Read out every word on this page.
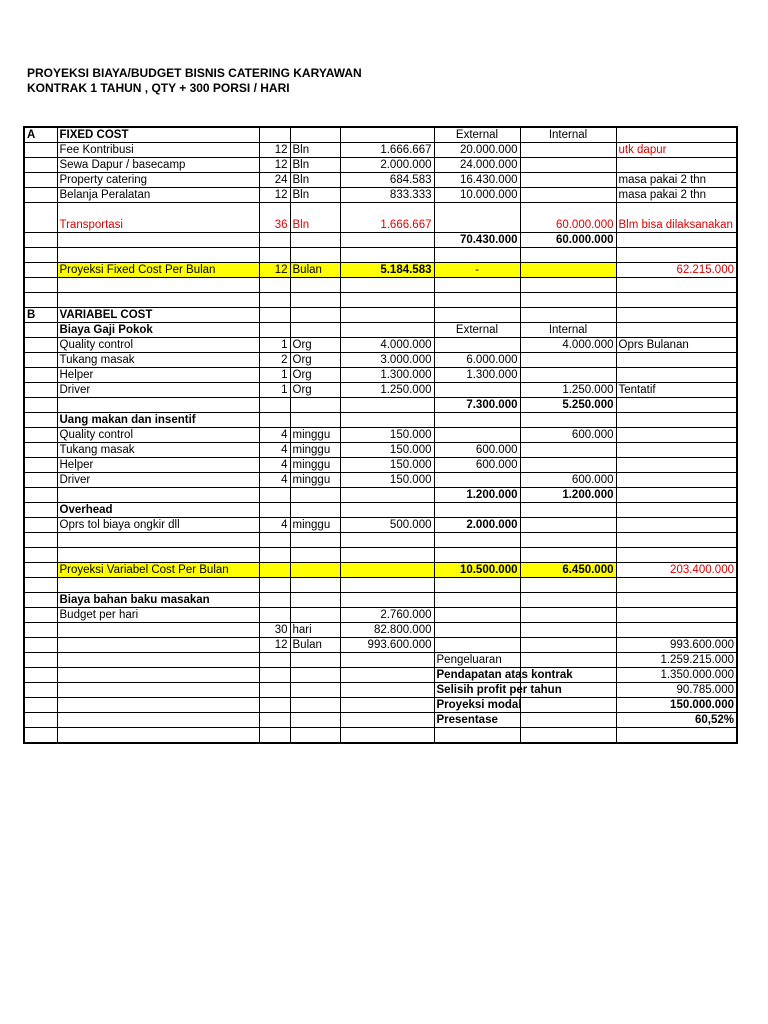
PROYEKSI BIAYA/BUDGET BISNIS CATERING KARYAWAN
KONTRAK 1 TAHUN , QTY + 300 PORSI / HARI
A	FIXED COST				External	Internal	
	Fee Kontribusi	12	Bln	1.666.667	20.000.000		utk dapur
	Sewa Dapur / basecamp	12	Bln	2.000.000	24.000.000		
	Property catering	24	Bln	684.583	16.430.000		masa pakai 2 thn
	Belanja Peralatan	12	Bln	833.333	10.000.000		masa pakai 2 thn
	Transportasi	36	Bln	1.666.667		60.000.000	Blm bisa dilaksanakan
					70.430.000	60.000.000	

	Proyeksi Fixed Cost Per Bulan	12	Bulan	5.184.583	-		62.215.000

B	VARIABEL COST						
	Biaya Gaji Pokok				External	Internal	
	Quality control	1	Org	4.000.000		4.000.000	Oprs Bulanan
	Tukang masak	2	Org	3.000.000	6.000.000		
	Helper	1	Org	1.300.000	1.300.000		
	Driver	1	Org	1.250.000		1.250.000	Tentatif
					7.300.000	5.250.000	
	Uang makan dan insentif						
	Quality control	4	minggu	150.000		600.000	
	Tukang masak	4	minggu	150.000	600.000		
	Helper	4	minggu	150.000	600.000		
	Driver	4	minggu	150.000		600.000	
					1.200.000	1.200.000	
	Overhead						
	Oprs tol biaya ongkir dll	4	minggu	500.000	2.000.000		

	Proyeksi Variabel Cost Per Bulan				10.500.000	6.450.000	203.400.000

	Biaya bahan baku masakan						
	Budget per hari			2.760.000			
		30	hari	82.800.000			
		12	Bulan	993.600.000			993.600.000
					Pengeluaran		1.259.215.000
					Pendapatan atas kontrak		1.350.000.000
					Selisih profit per tahun		90.785.000
					Proyeksi modal		150.000.000
					Presentase		60,52%
